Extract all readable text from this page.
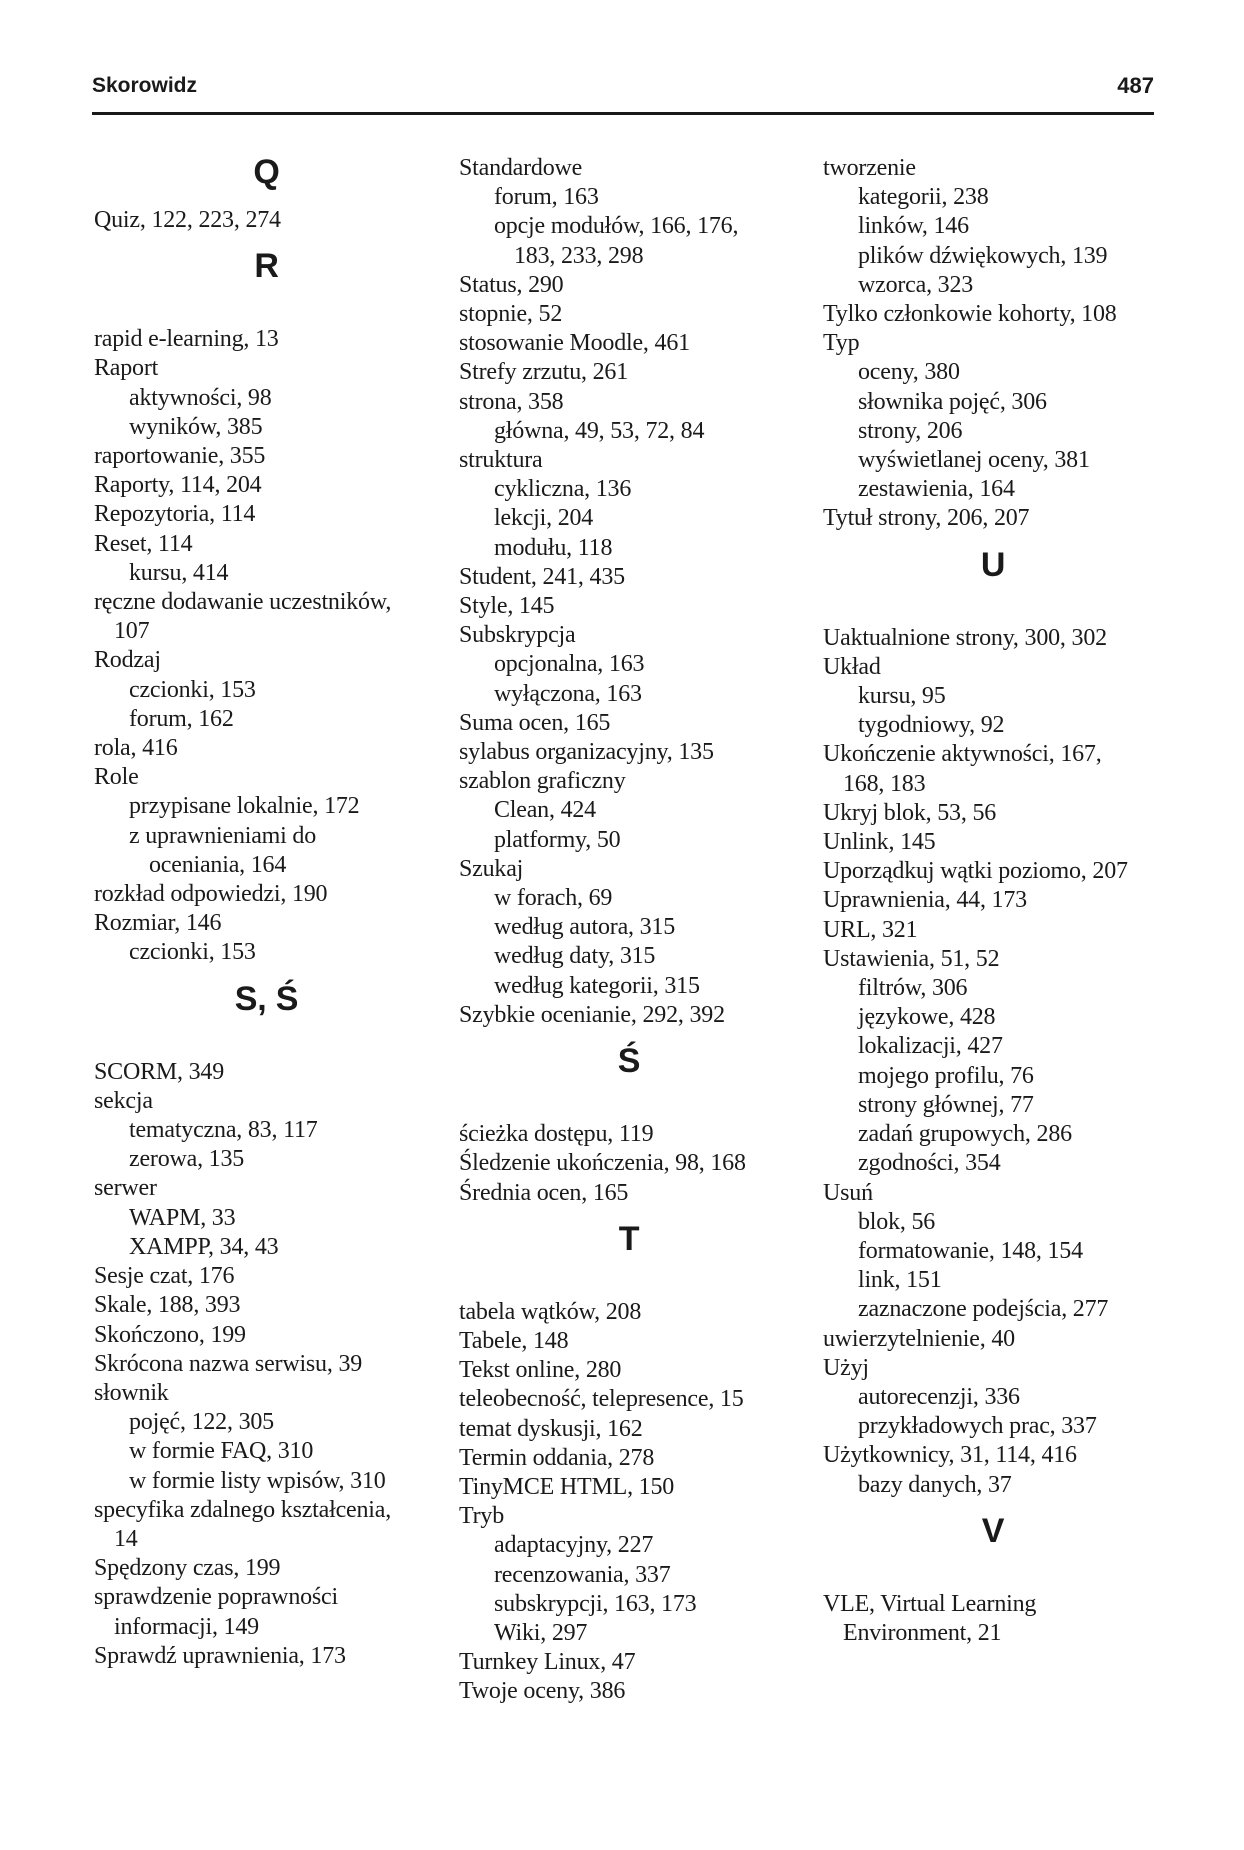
Skorowidz	487
Q
Quiz, 122, 223, 274
R
rapid e-learning, 13
Raport
aktywności, 98
wyników, 385
raportowanie, 355
Raporty, 114, 204
Repozytoria, 114
Reset, 114
kursu, 414
ręczne dodawanie uczestników,
107
Rodzaj
czcionki, 153
forum, 162
rola, 416
Role
przypisane lokalnie, 172
z uprawnieniami do
oceniania, 164
rozkład odpowiedzi, 190
Rozmiar, 146
czcionki, 153
S, Ś
SCORM, 349
sekcja
tematyczna, 83, 117
zerowa, 135
serwer
WAPM, 33
XAMPP, 34, 43
Sesje czat, 176
Skale, 188, 393
Skończono, 199
Skrócona nazwa serwisu, 39
słownik
pojęć, 122, 305
w formie FAQ, 310
w formie listy wpisów, 310
specyfika zdalnego kształcenia,
14
Spędzony czas, 199
sprawdzenie poprawności
informacji, 149
Sprawdź uprawnienia, 173
Standardowe
forum, 163
opcje modułów, 166, 176,
183, 233, 298
Status, 290
stopnie, 52
stosowanie Moodle, 461
Strefy zrzutu, 261
strona, 358
główna, 49, 53, 72, 84
struktura
cykliczna, 136
lekcji, 204
modułu, 118
Student, 241, 435
Style, 145
Subskrypcja
opcjonalna, 163
wyłączona, 163
Suma ocen, 165
sylabus organizacyjny, 135
szablon graficzny
Clean, 424
platformy, 50
Szukaj
w forach, 69
według autora, 315
według daty, 315
według kategorii, 315
Szybkie ocenianie, 292, 392
Ś
ścieżka dostępu, 119
Śledzenie ukończenia, 98, 168
Średnia ocen, 165
T
tabela wątków, 208
Tabele, 148
Tekst online, 280
teleobecność, telepresence, 15
temat dyskusji, 162
Termin oddania, 278
TinyMCE HTML, 150
Tryb
adaptacyjny, 227
recenzowania, 337
subskrypcji, 163, 173
Wiki, 297
Turnkey Linux, 47
Twoje oceny, 386
tworzenie
kategorii, 238
linków, 146
plików dźwiękowych, 139
wzorca, 323
Tylko członkowie kohorty, 108
Typ
oceny, 380
słownika pojęć, 306
strony, 206
wyświetlanej oceny, 381
zestawienia, 164
Tytuł strony, 206, 207
U
Uaktualnione strony, 300, 302
Układ
kursu, 95
tygodniowy, 92
Ukończenie aktywności, 167,
168, 183
Ukryj blok, 53, 56
Unlink, 145
Uporządkuj wątki poziomo, 207
Uprawnienia, 44, 173
URL, 321
Ustawienia, 51, 52
filtrów, 306
językowe, 428
lokalizacji, 427
mojego profilu, 76
strony głównej, 77
zadań grupowych, 286
zgodności, 354
Usuń
blok, 56
formatowanie, 148, 154
link, 151
zaznaczone podejścia, 277
uwierzytelnienie, 40
Użyj
autorecenzji, 336
przykładowych prac, 337
Użytkownicy, 31, 114, 416
bazy danych, 37
V
VLE, Virtual Learning
Environment, 21
